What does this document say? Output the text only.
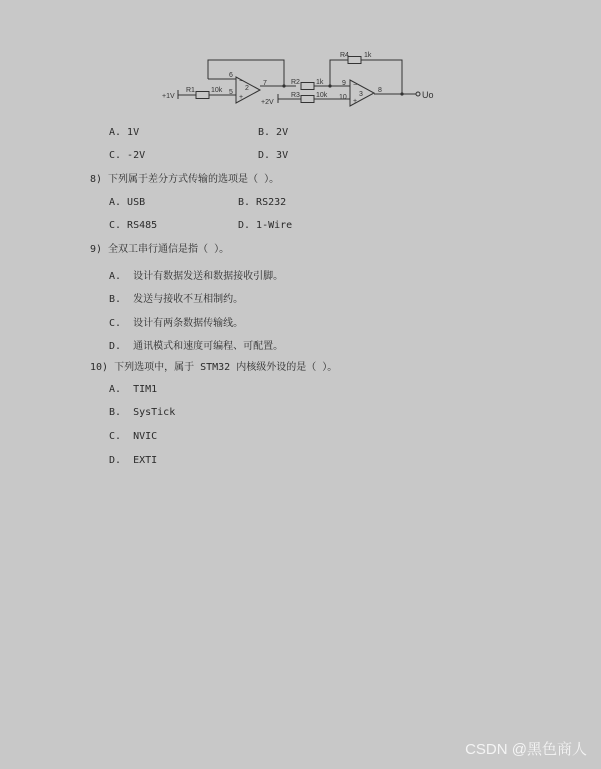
+1V
R1 10k
6
5
−
+
2
7	R2 1k
+2V
R3 10k
R4 1k
9
10
−
+
3
8	Uo
A. 1V	B. 2V
C. -2V	D. 3V
8) 下列属于差分方式传输的选项是（ ）。
A. USB	B. RS232
C. RS485	D. 1-Wire
9) 全双工串行通信是指（ ）。
A.  设计有数据发送和数据接收引脚。
B.  发送与接收不互相制约。
C.  设计有两条数据传输线。
D.  通讯模式和速度可编程、可配置。
10) 下列选项中，属于 STM32 内核级外设的是（ ）。
A.  TIM1
B.  SysTick
C.  NVIC
D.  EXTI
CSDN @黑色商人
